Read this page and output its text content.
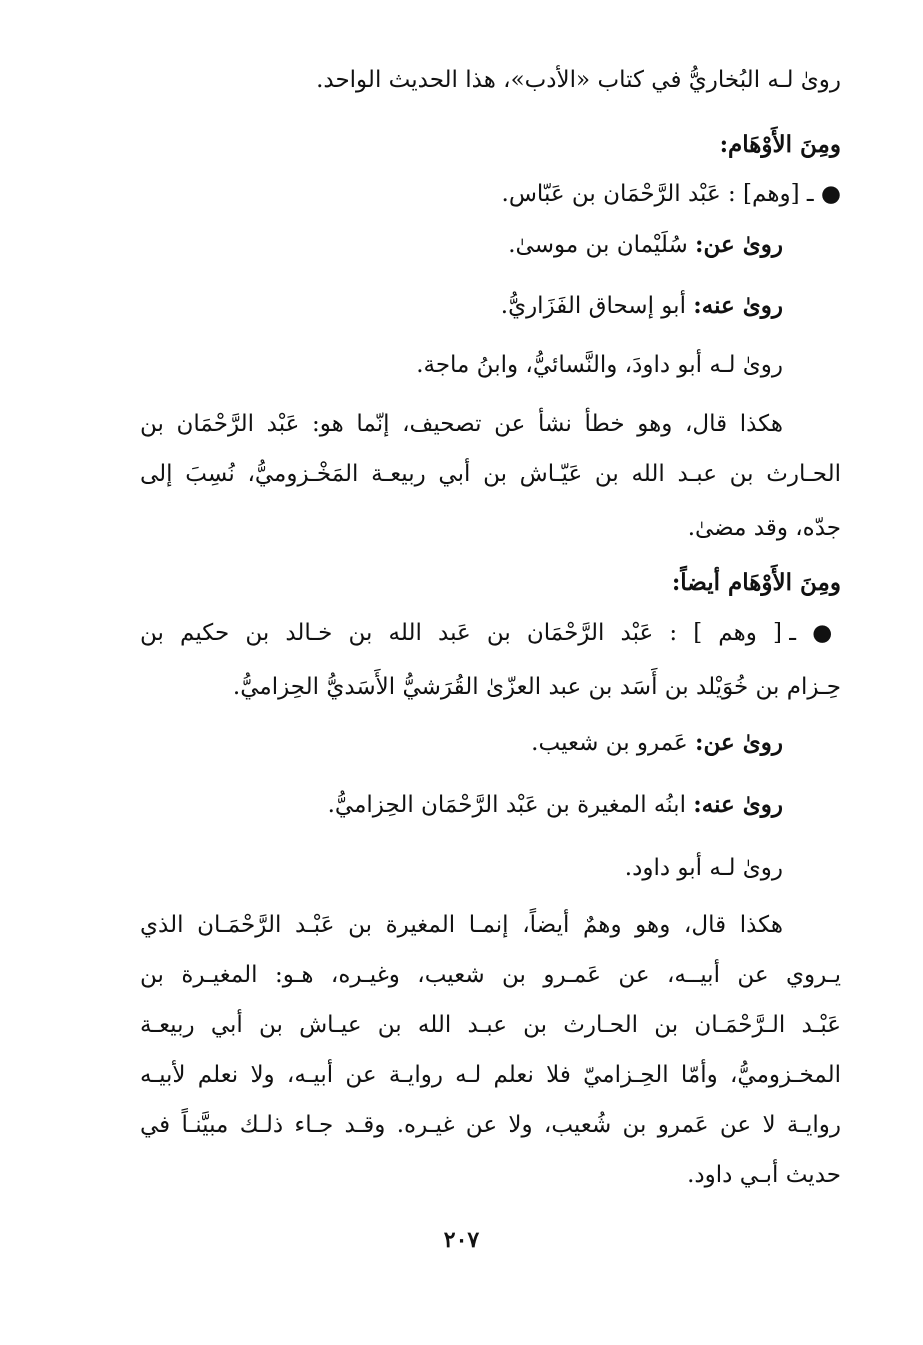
روىٰ لـه البُخاريُّ في كتاب «الأدب»، هذا الحديث الواحد.
ومِنَ الأَوْهَام:
● ـ [وهم] : عَبْد الرَّحْمَان بن عَبّاس.
روىٰ عن: سُلَيْمان بن موسىٰ.
روىٰ عنه: أبو إسحاق الفَزَاريُّ.
روىٰ لـه أبو داودَ، والنَّسائيُّ، وابنُ ماجة.
هكذا قال، وهو خطأ نشأ عن تصحيف، إنّما هو: عَبْد الرَّحْمَان بن
الحـارث بن عبـد الله بن عَيّـاش بن أبي ربيعـة المَخْـزوميُّ، نُسِبَ إلى
جدّه، وقد مضىٰ.
ومِنَ الأَوْهَام أيضاً:
● ـ [ وهم ] : عَبْد الرَّحْمَان بن عَبد الله بن خـالد بن حكيم بن
حِـزام بن خُوَيْلد بن أَسَد بن عبد العزّىٰ القُرَشيُّ الأَسَديُّ الحِزاميُّ.
روىٰ عن: عَمرو بن شعيب.
روىٰ عنه: ابنُه المغيرة بن عَبْد الرَّحْمَان الحِزاميُّ.
روىٰ لـه أبو داود.
هكذا قال، وهو وهمٌ أيضاً، إنمـا المغيرة بن عَبْـد الرَّحْمَـان الذي
يـروي عن أبيــه، عن عَمـرو بن شعيب، وغيـره، هـو: المغيـرة بن
عَبْـد الـرَّحْمَـان بن الحـارث بن عبـد الله بن عيـاش بن أبي ربيعـة
المخـزوميُّ، وأمّا الحِـزاميّ فلا نعلم لـه روايـة عن أبيـه، ولا نعلم لأبيـه
روايـة لا عن عَمرو بن شُعيب، ولا عن غيـره. وقـد جـاء ذلـك مبيَّنـاً في
حديث أبـي داود.
٢٠٧
